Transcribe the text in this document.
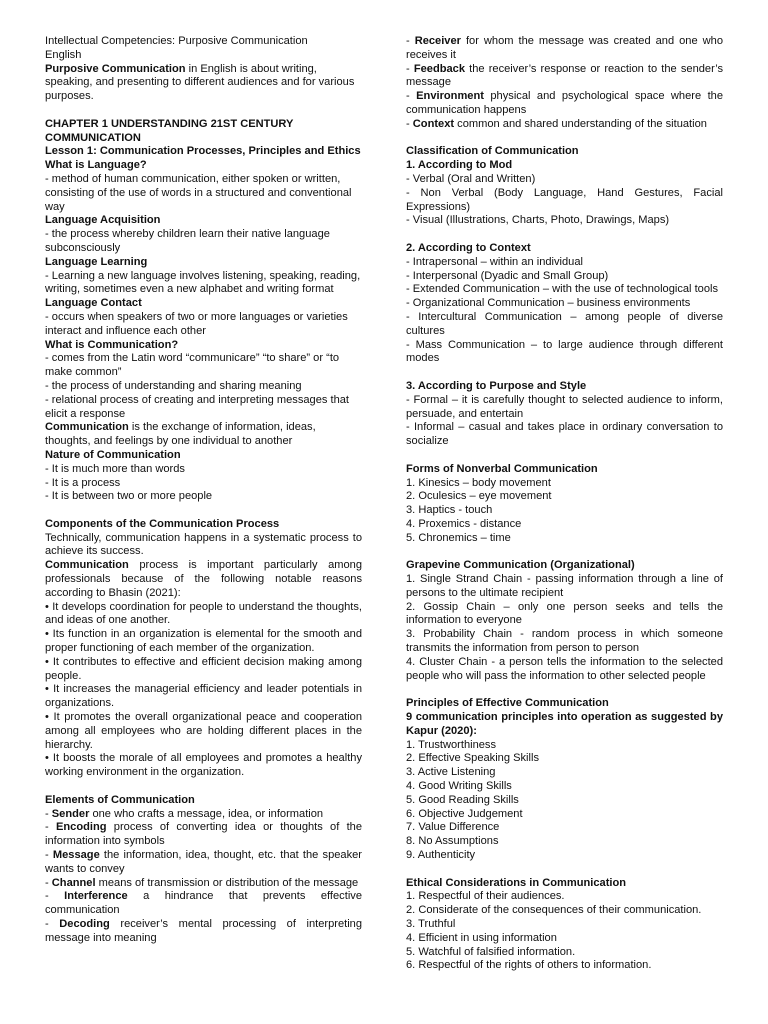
Intellectual Competencies: Purposive Communication

English

Purposive Communication in English is about writing, speaking, and presenting to different audiences and for various purposes.

CHAPTER 1 UNDERSTANDING 21ST CENTURY COMMUNICATION

Lesson 1: Communication Processes, Principles and Ethics

What is Language?

- method of human communication, either spoken or written, consisting of the use of words in a structured and conventional way

Language Acquisition

- the process whereby children learn their native language subconsciously

Language Learning

- Learning a new language involves listening, speaking, reading, writing, sometimes even a new alphabet and writing format

Language Contact

- occurs when speakers of two or more languages or varieties interact and influence each other

What is Communication?

- comes from the Latin word “communicare” “to share” or “to make common”

- the process of understanding and sharing meaning

- relational process of creating and interpreting messages that elicit a response

Communication is the exchange of information, ideas, thoughts, and feelings by one individual to another

Nature of Communication

- It is much more than words

- It is a process

- It is between two or more people

Components of the Communication Process

Technically, communication happens in a systematic process to achieve its success.

Communication process is important particularly among professionals because of the following notable reasons according to Bhasin (2021):

• It develops coordination for people to understand the thoughts, and ideas of one another.

• Its function in an organization is elemental for the smooth and proper functioning of each member of the organization.

• It contributes to effective and efficient decision making among people.

• It increases the managerial efficiency and leader potentials in organizations.

• It promotes the overall organizational peace and cooperation among all employees who are holding different places in the hierarchy.

• It boosts the morale of all employees and promotes a healthy working environment in the organization.

Elements of Communication

- Sender one who crafts a message, idea, or information

- Encoding process of converting idea or thoughts of the information into symbols

- Message the information, idea, thought, etc. that the speaker wants to convey

- Channel means of transmission or distribution of the message

- Interference a hindrance that prevents effective communication

- Decoding receiver’s mental processing of interpreting message into meaning

- Receiver for whom the message was created and one who receives it

- Feedback the receiver’s response or reaction to the sender’s message

- Environment physical and psychological space where the communication happens

- Context common and shared understanding of the situation

Classification of Communication

1. According to Mod

- Verbal (Oral and Written)

- Non Verbal (Body Language, Hand Gestures, Facial Expressions)

- Visual (Illustrations, Charts, Photo, Drawings, Maps)

2. According to Context

- Intrapersonal – within an individual

- Interpersonal (Dyadic and Small Group)

- Extended Communication – with the use of technological tools

- Organizational Communication – business environments

- Intercultural Communication – among people of diverse cultures

- Mass Communication – to large audience through different modes

3. According to Purpose and Style

- Formal – it is carefully thought to selected audience to inform, persuade, and entertain

- Informal – casual and takes place in ordinary conversation to socialize

Forms of Nonverbal Communication

1. Kinesics – body movement

2. Oculesics – eye movement

3. Haptics - touch

4. Proxemics - distance

5. Chronemics – time

Grapevine Communication (Organizational)

1. Single Strand Chain - passing information through a line of persons to the ultimate recipient

2. Gossip Chain – only one person seeks and tells the information to everyone

3. Probability Chain - random process in which someone transmits the information from person to person

4. Cluster Chain - a person tells the information to the selected people who will pass the information to other selected people

Principles of Effective Communication

9 communication principles into operation as suggested by Kapur (2020):

1. Trustworthiness

2. Effective Speaking Skills

3. Active Listening

4. Good Writing Skills

5. Good Reading Skills

6. Objective Judgement

7. Value Difference

8. No Assumptions

9. Authenticity

Ethical Considerations in Communication

1. Respectful of their audiences.

2. Considerate of the consequences of their communication.

3. Truthful

4. Efficient in using information

5. Watchful of falsified information.

6. Respectful of the rights of others to information.
